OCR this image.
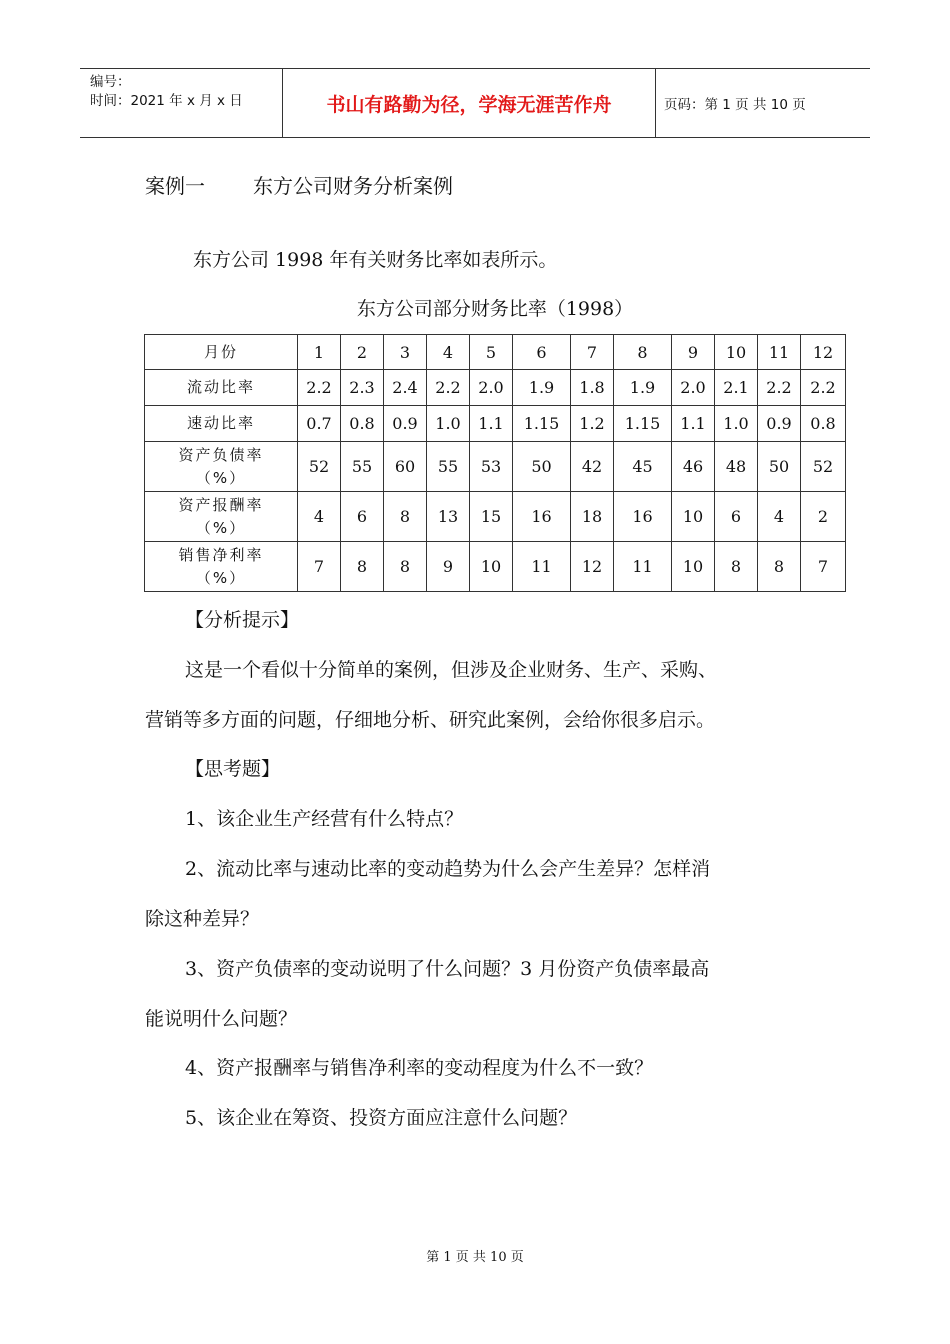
编号：
时间：2021 年 x 月 x 日	书山有路勤为径，学海无涯苦作舟	页码：第 1 页 共 10 页
案例一 东方公司财务分析案例
东方公司 1998 年有关财务比率如表所示。
东方公司部分财务比率（1998）
月份	1	2	3	4	5	6	7	8	9	10	11	12

流动比率	2.2	2.3	2.4	2.2	2.0	1.9	1.8	1.9	2.0	2.1	2.2	2.2

速动比率	0.7	0.8	0.9	1.0	1.1	1.15	1.2	1.15	1.1	1.0	0.9	0.8

资产负债率
（%）	52	55	60	55	53	50	42	45	46	48	50	52

资产报酬率
（%）	4	6	8	13	15	16	18	16	10	6	4	2

销售净利率
（%）	7	8	8	9	10	11	12	11	10	8	8	7
【分析提示】
这是一个看似十分简单的案例，但涉及企业财务、生产、采购、
营销等多方面的问题，仔细地分析、研究此案例，会给你很多启示。
【思考题】
1、该企业生产经营有什么特点？
2、流动比率与速动比率的变动趋势为什么会产生差异？怎样消
除这种差异？
3、资产负债率的变动说明了什么问题？3 月份资产负债率最高
能说明什么问题？
4、资产报酬率与销售净利率的变动程度为什么不一致？
5、该企业在筹资、投资方面应注意什么问题？
第 1 页 共 10 页
